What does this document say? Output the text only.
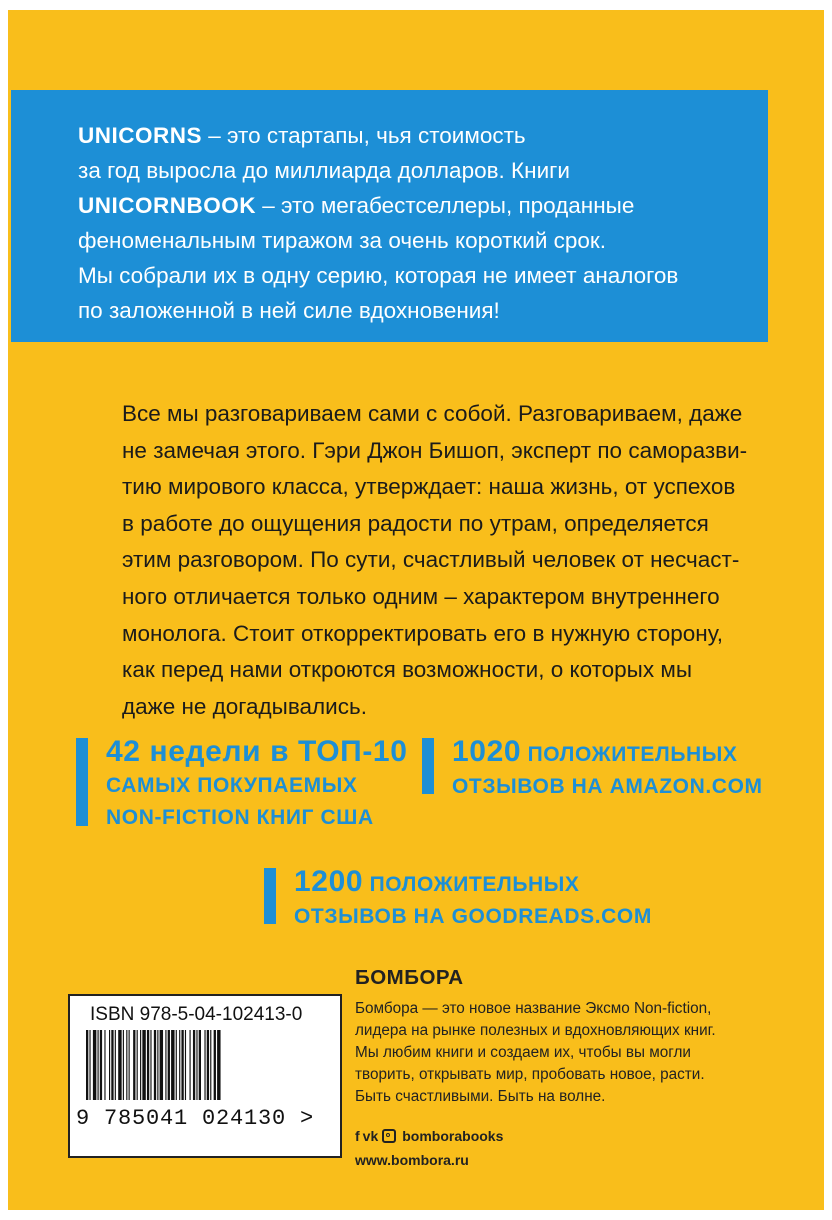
UNICORNS – это стартапы, чья стоимость
за год выросла до миллиарда долларов. Книги
UNICORNBOOK – это мегабестселлеры, проданные
феноменальным тиражом за очень короткий срок.
Мы собрали их в одну серию, которая не имеет аналогов
по заложенной в ней силе вдохновения!

Все мы разговариваем сами с собой. Разговариваем, даже

не замечая этого. Гэри Джон Бишоп, эксперт по саморазви-

тию мирового класса, утверждает: наша жизнь, от успехов

в работе до ощущения радости по утрам, определяется

этим разговором. По сути, счастливый человек от несчаст-

ного отличается только одним – характером внутреннего

монолога. Стоит откорректировать его в нужную сторону,

как перед нами откроются возможности, о которых мы

даже не догадывались.

42 недели в ТОП-10
САМЫХ ПОКУПАЕМЫХ
NON-FICTION КНИГ США
1020 ПОЛОЖИТЕЛЬНЫХ
ОТЗЫВОВ НА AMAZON.COM
1200 ПОЛОЖИТЕЛЬНЫХ
ОТЗЫВОВ НА GOODREADS.COM
ISBN 978-5-04-102413-0
9 785041 024130 >
БОМБОРА

Бомбора — это новое название Эксмо Non-fiction,

лидера на рынке полезных и вдохновляющих книг.

Мы любим книги и создаем их, чтобы вы могли

творить, открывать мир, пробовать новое, расти.

Быть счастливыми. Быть на волне.

f vk bomborabooks
www.bombora.ru
